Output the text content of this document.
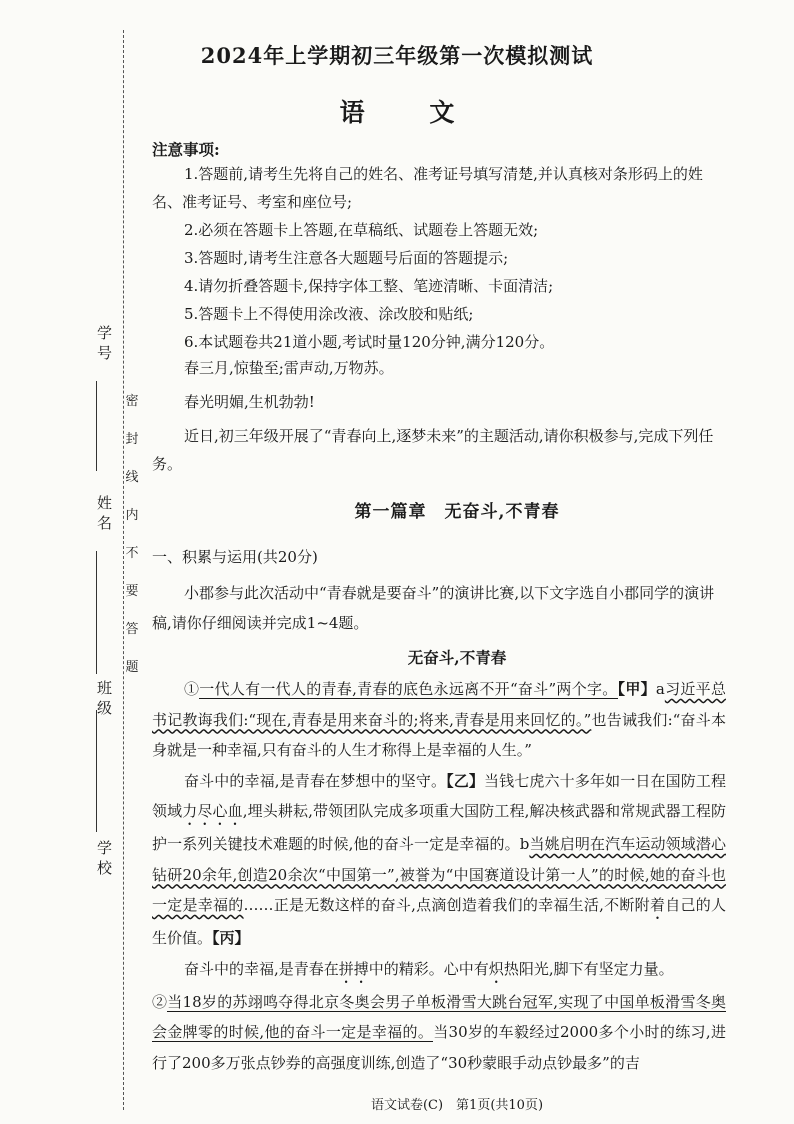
密
封
线
内
不
要
答
题
学 号
姓 名
班 级
学 校
2024年上学期初三年级第一次模拟测试
语 文
注意事项:

1.答题前,请考生先将自己的姓名、准考证号填写清楚,并认真核对条形码上的姓

名、准考证号、考室和座位号;

2.必须在答题卡上答题,在草稿纸、试题卷上答题无效;

3.答题时,请考生注意各大题题号后面的答题提示;

4.请勿折叠答题卡,保持字体工整、笔迹清晰、卡面清洁;

5.答题卡上不得使用涂改液、涂改胶和贴纸;

6.本试题卷共21道小题,考试时量120分钟,满分120分。

春三月,惊蛰至;雷声动,万物苏。

春光明媚,生机勃勃!

近日,初三年级开展了“青春向上,逐梦未来”的主题活动,请你积极参与,完成下列任务。

第一篇章　无奋斗,不青春
一、积累与运用(共20分)

小郡参与此次活动中“青春就是要奋斗”的演讲比赛,以下文字选自小郡同学的演讲稿,请你仔细阅读并完成1~4题。

无奋斗,不青春

①一代人有一代人的青春,青春的底色永远离不开“奋斗”两个字。【甲】a习近平总书记教诲我们:“现在,青春是用来奋斗的;将来,青春是用来回忆的。”也告诫我们:“奋斗本身就是一种幸福,只有奋斗的人生才称得上是幸福的人生。”

奋斗中的幸福,是青春在梦想中的坚守。【乙】当钱七虎六十多年如一日在国防工程领域力尽心血,埋头耕耘,带领团队完成多项重大国防工程,解决核武器和常规武器工程防护一系列关键技术难题的时候,他的奋斗一定是幸福的。b当姚启明在汽车运动领域潜心钻研20余年,创造20余次“中国第一”,被誉为“中国赛道设计第一人”的时候,她的奋斗也一定是幸福的……正是无数这样的奋斗,点滴创造着我们的幸福生活,不断附着自己的人生价值。【丙】

奋斗中的幸福,是青春在拼搏中的精彩。心中有炽热阳光,脚下有坚定力量。

②当18岁的苏翊鸣夺得北京冬奥会男子单板滑雪大跳台冠军,实现了中国单板滑雪冬奥会金牌零的时候,他的奋斗一定是幸福的。当30岁的车毅经过2000多个小时的练习,进行了200多万张点钞券的高强度训练,创造了“30秒蒙眼手动点钞最多”的吉

语文试卷(C)　第1页(共10页)
